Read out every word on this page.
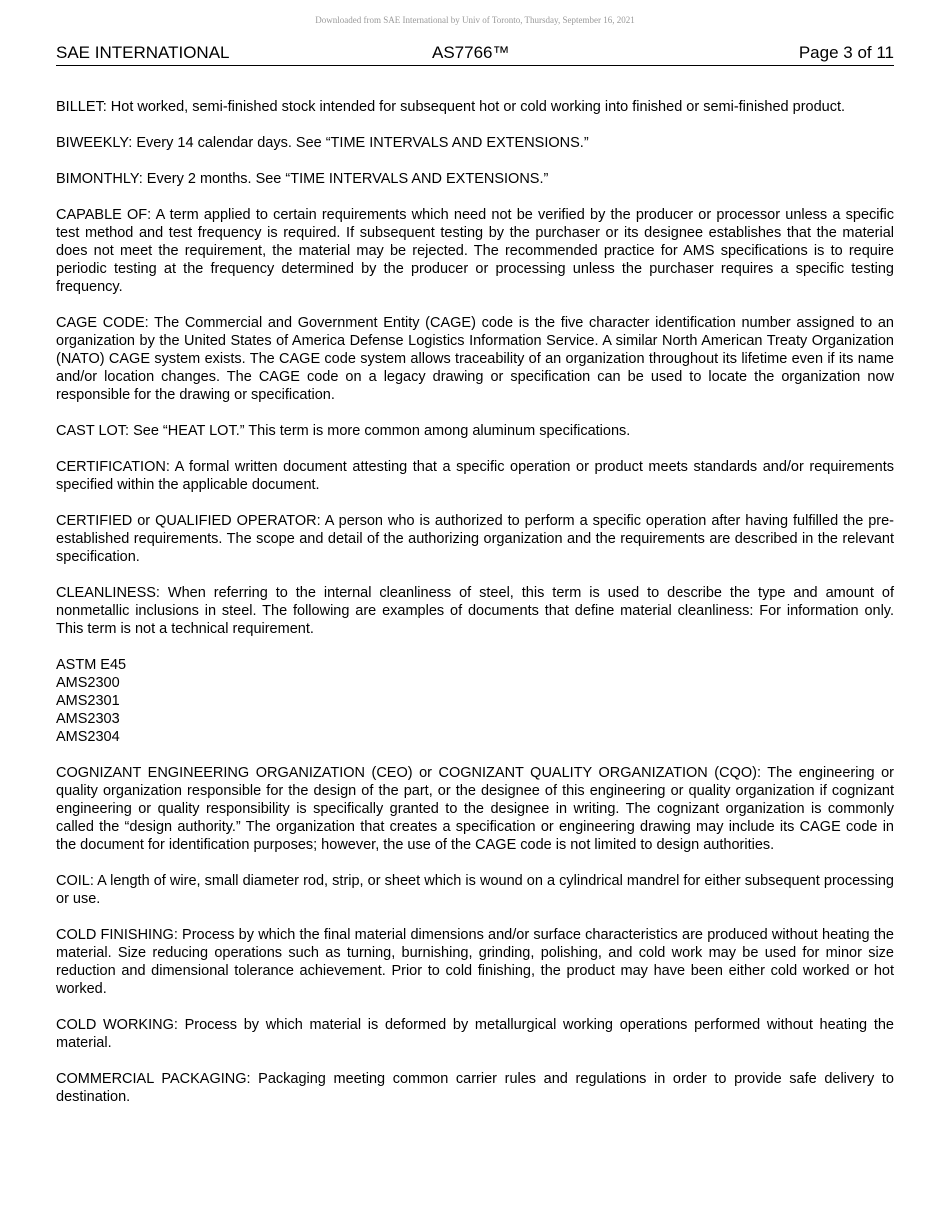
Downloaded from SAE International by Univ of Toronto, Thursday, September 16, 2021
SAE INTERNATIONAL	AS7766™	Page 3 of 11

BILLET: Hot worked, semi-finished stock intended for subsequent hot or cold working into finished or semi-finished product.

BIWEEKLY: Every 14 calendar days. See “TIME INTERVALS AND EXTENSIONS.”

BIMONTHLY: Every 2 months. See “TIME INTERVALS AND EXTENSIONS.”

CAPABLE OF: A term applied to certain requirements which need not be verified by the producer or processor unless a specific test method and test frequency is required. If subsequent testing by the purchaser or its designee establishes that the material does not meet the requirement, the material may be rejected. The recommended practice for AMS specifications is to require periodic testing at the frequency determined by the producer or processing unless the purchaser requires a specific testing frequency.

CAGE CODE: The Commercial and Government Entity (CAGE) code is the five character identification number assigned to an organization by the United States of America Defense Logistics Information Service. A similar North American Treaty Organization (NATO) CAGE system exists. The CAGE code system allows traceability of an organization throughout its lifetime even if its name and/or location changes. The CAGE code on a legacy drawing or specification can be used to locate the organization now responsible for the drawing or specification.

CAST LOT: See “HEAT LOT.” This term is more common among aluminum specifications.

CERTIFICATION: A formal written document attesting that a specific operation or product meets standards and/or requirements specified within the applicable document.

CERTIFIED or QUALIFIED OPERATOR: A person who is authorized to perform a specific operation after having fulfilled the pre-established requirements. The scope and detail of the authorizing organization and the requirements are described in the relevant specification.

CLEANLINESS: When referring to the internal cleanliness of steel, this term is used to describe the type and amount of nonmetallic inclusions in steel. The following are examples of documents that define material cleanliness: For information only. This term is not a technical requirement.

ASTM E45
AMS2300
AMS2301
AMS2303
AMS2304

COGNIZANT ENGINEERING ORGANIZATION (CEO) or COGNIZANT QUALITY ORGANIZATION (CQO): The engineering or quality organization responsible for the design of the part, or the designee of this engineering or quality organization if cognizant engineering or quality responsibility is specifically granted to the designee in writing. The cognizant organization is commonly called the “design authority.” The organization that creates a specification or engineering drawing may include its CAGE code in the document for identification purposes; however, the use of the CAGE code is not limited to design authorities.

COIL: A length of wire, small diameter rod, strip, or sheet which is wound on a cylindrical mandrel for either subsequent processing or use.

COLD FINISHING: Process by which the final material dimensions and/or surface characteristics are produced without heating the material. Size reducing operations such as turning, burnishing, grinding, polishing, and cold work may be used for minor size reduction and dimensional tolerance achievement. Prior to cold finishing, the product may have been either cold worked or hot worked.

COLD WORKING: Process by which material is deformed by metallurgical working operations performed without heating the material.

COMMERCIAL PACKAGING: Packaging meeting common carrier rules and regulations in order to provide safe delivery to destination.
